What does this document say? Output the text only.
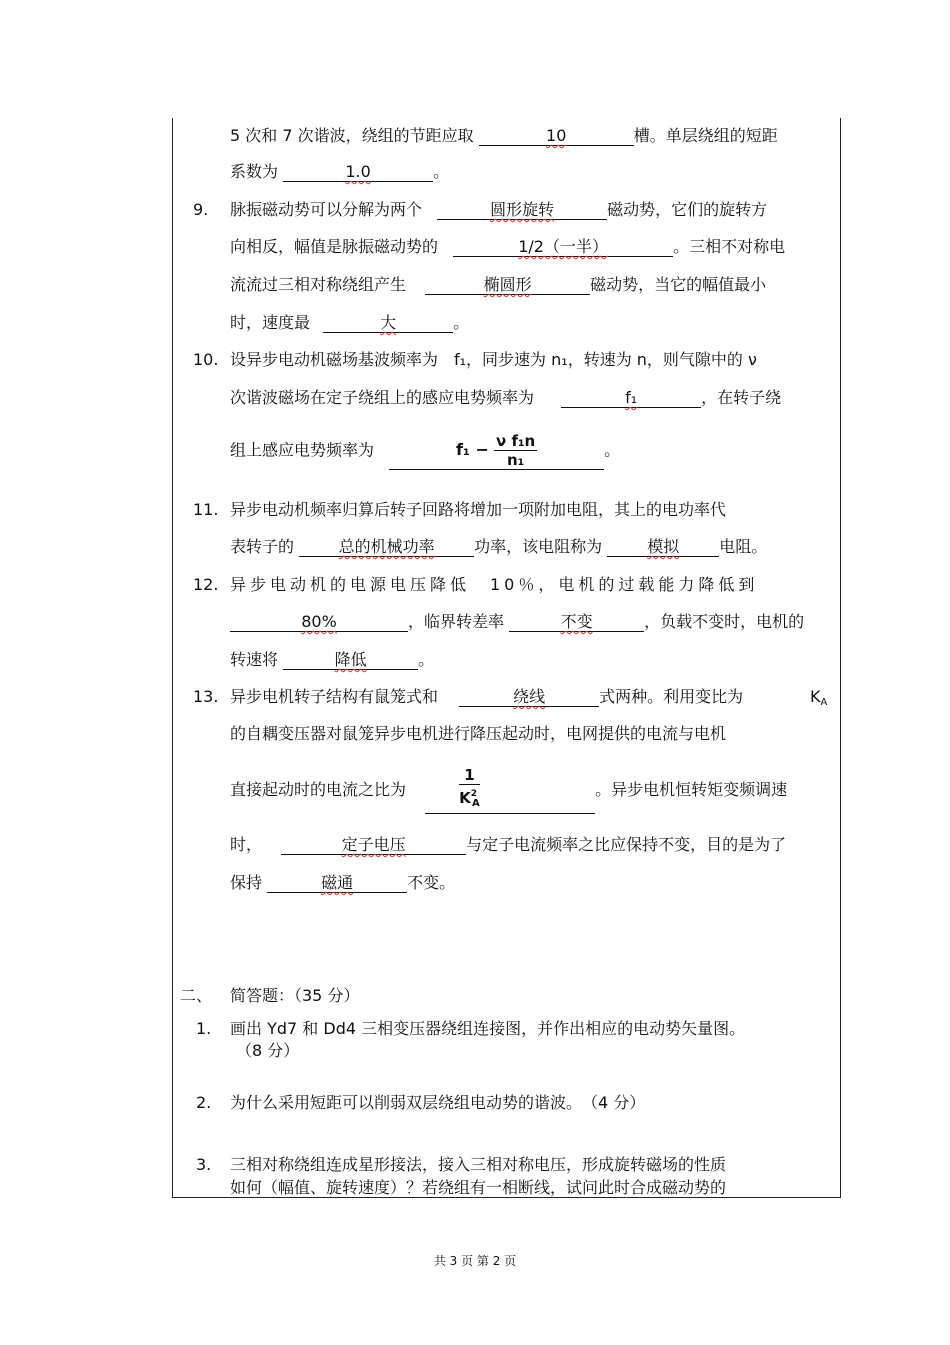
5 次和 7 次谐波，绕组的节距应取	10	槽。单层绕组的短距
系数为	1.0	。
9. 脉振磁动势可以分解为两个	圆形旋转	磁动势，它们的旋转方
向相反，幅值是脉振磁动势的	1/2（一半）	。三相不对称电
流流过三相对称绕组产生	椭圆形	磁动势，当它的幅值最小
时，速度最	大	。
10. 设异步电动机磁场基波频率为　f₁，同步速为 n₁，转速为 n，则气隙中的 ν
次谐波磁场在定子绕组上的感应电势频率为	f₁	，在转子绕
组上感应电势频率为	$f_1 - \frac{\text{ν f₁n}}{\text{n₁}}$	。
11. 异步电动机频率归算后转子回路将增加一项附加电阻，其上的电功率代
表转子的	总的机械功率 功率，该电阻称为	模拟	电阻。
12. 异步电动机的电源电压降低　10％，电机的过载能力降低到
80%	，临界转差率	不变	，负载不变时，电机的
转速将	降低	。
13. 异步电机转子结构有鼠笼式和	绕线	式两种。利用变比为	$K_A$
的自耦变压器对鼠笼异步电机进行降压起动时，电网提供的电流与电机
直接起动时的电流之比为	$\frac{1}{K^2_A}$	。异步电机恒转矩变频调速
时，	定子电压	与定子电流频率之比应保持不变，目的是为了
保持	磁通	不变。
二、 简答题：（35 分）
1. 画出 Yd7 和 Dd4 三相变压器绕组连接图，并作出相应的电动势矢量图。
（8 分）
2. 为什么采用短距可以削弱双层绕组电动势的谐波。　（4 分）
3. 三相对称绕组连成星形接法，接入三相对称电压，形成旋转磁场的性质
如何（幅值、旋转速度）？若绕组有一相断线，试问此时合成磁动势的
共 3 页 第 2 页
